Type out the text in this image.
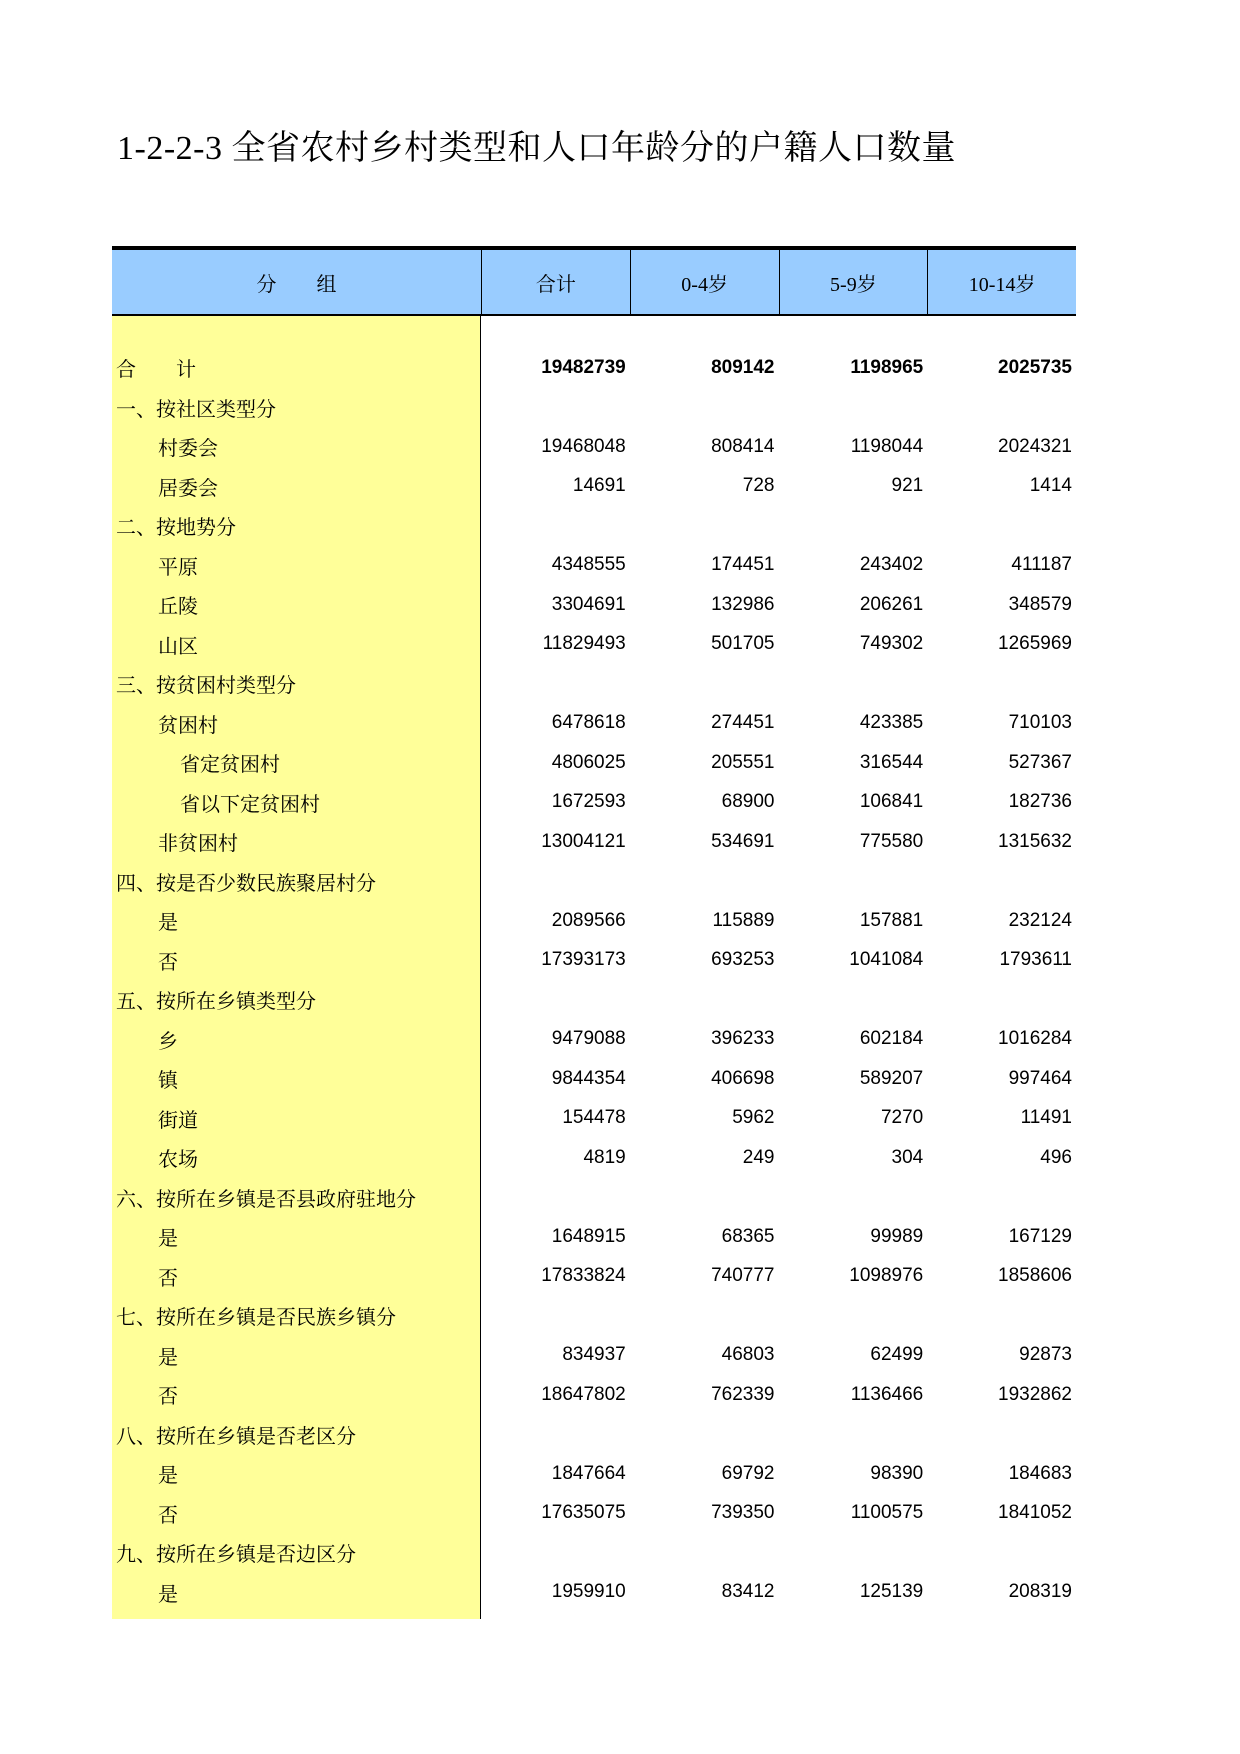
1-2-2-3 全省农村乡村类型和人口年龄分的户籍人口数量
分　　组	合计	0-4岁	5-9岁	10-14岁
合　　计	19482739	809142	1198965	2025735
一、按社区类型分
村委会	19468048	808414	1198044	2024321
居委会	14691	728	921	1414
二、按地势分
平原	4348555	174451	243402	411187
丘陵	3304691	132986	206261	348579
山区	11829493	501705	749302	1265969
三、按贫困村类型分
贫困村	6478618	274451	423385	710103
省定贫困村	4806025	205551	316544	527367
省以下定贫困村	1672593	68900	106841	182736
非贫困村	13004121	534691	775580	1315632
四、按是否少数民族聚居村分
是	2089566	115889	157881	232124
否	17393173	693253	1041084	1793611
五、按所在乡镇类型分
乡	9479088	396233	602184	1016284
镇	9844354	406698	589207	997464
街道	154478	5962	7270	11491
农场	4819	249	304	496
六、按所在乡镇是否县政府驻地分
是	1648915	68365	99989	167129
否	17833824	740777	1098976	1858606
七、按所在乡镇是否民族乡镇分
是	834937	46803	62499	92873
否	18647802	762339	1136466	1932862
八、按所在乡镇是否老区分
是	1847664	69792	98390	184683
否	17635075	739350	1100575	1841052
九、按所在乡镇是否边区分
是	1959910	83412	125139	208319
